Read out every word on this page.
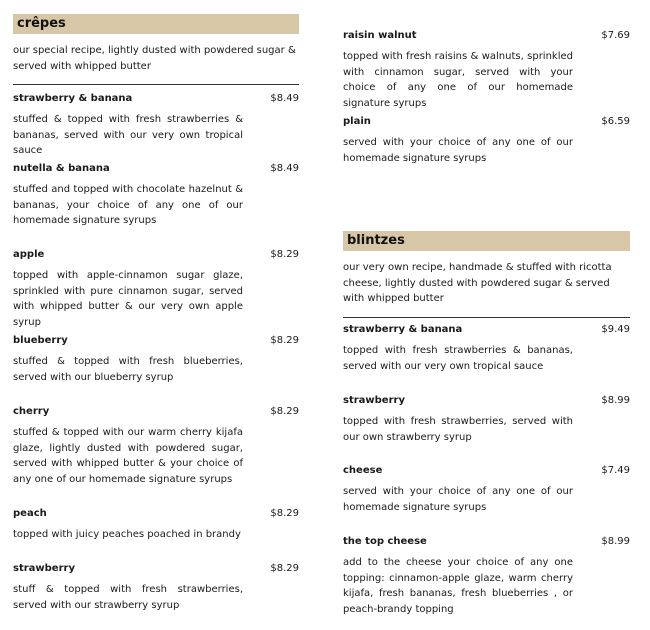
crêpes
our special recipe, lightly dusted with powdered sugar & served with whipped butter
strawberry & banana	$8.49
stuffed & topped with fresh strawberries & bananas, served with our very own tropical sauce
nutella & banana	$8.49
stuffed and topped with chocolate hazelnut & bananas, your choice of any one of our homemade signature syrups
apple	$8.29
topped with apple-cinnamon sugar glaze, sprinkled with pure cinnamon sugar, served with whipped butter & our very own apple syrup
blueberry	$8.29
stuffed & topped with fresh blueberries, served with our blueberry syrup
cherry	$8.29
stuffed & topped with our warm cherry kijafa glaze, lightly dusted with powdered sugar, served with whipped butter & your choice of any one of our homemade signature syrups
peach	$8.29
topped with juicy peaches poached in brandy
strawberry	$8.29
stuff & topped with fresh strawberries, served with our strawberry syrup
raisin walnut	$7.69
topped with fresh raisins & walnuts, sprinkled with cinnamon sugar, served with your choice of any one of our homemade signature syrups
plain	$6.59
served with your choice of any one of our homemade signature syrups
blintzes
our very own recipe, handmade & stuffed with ricotta cheese, lightly dusted with powdered sugar & served with whipped butter
strawberry & banana	$9.49
topped with fresh strawberries & bananas, served with our very own tropical sauce
strawberry	$8.99
topped with fresh strawberries, served with our own strawberry syrup
cheese	$7.49
served with your choice of any one of our homemade signature syrups
the top cheese	$8.99
add to the cheese your choice of any one topping: cinnamon-apple glaze, warm cherry kijafa, fresh bananas, fresh blueberries , or peach-brandy topping
